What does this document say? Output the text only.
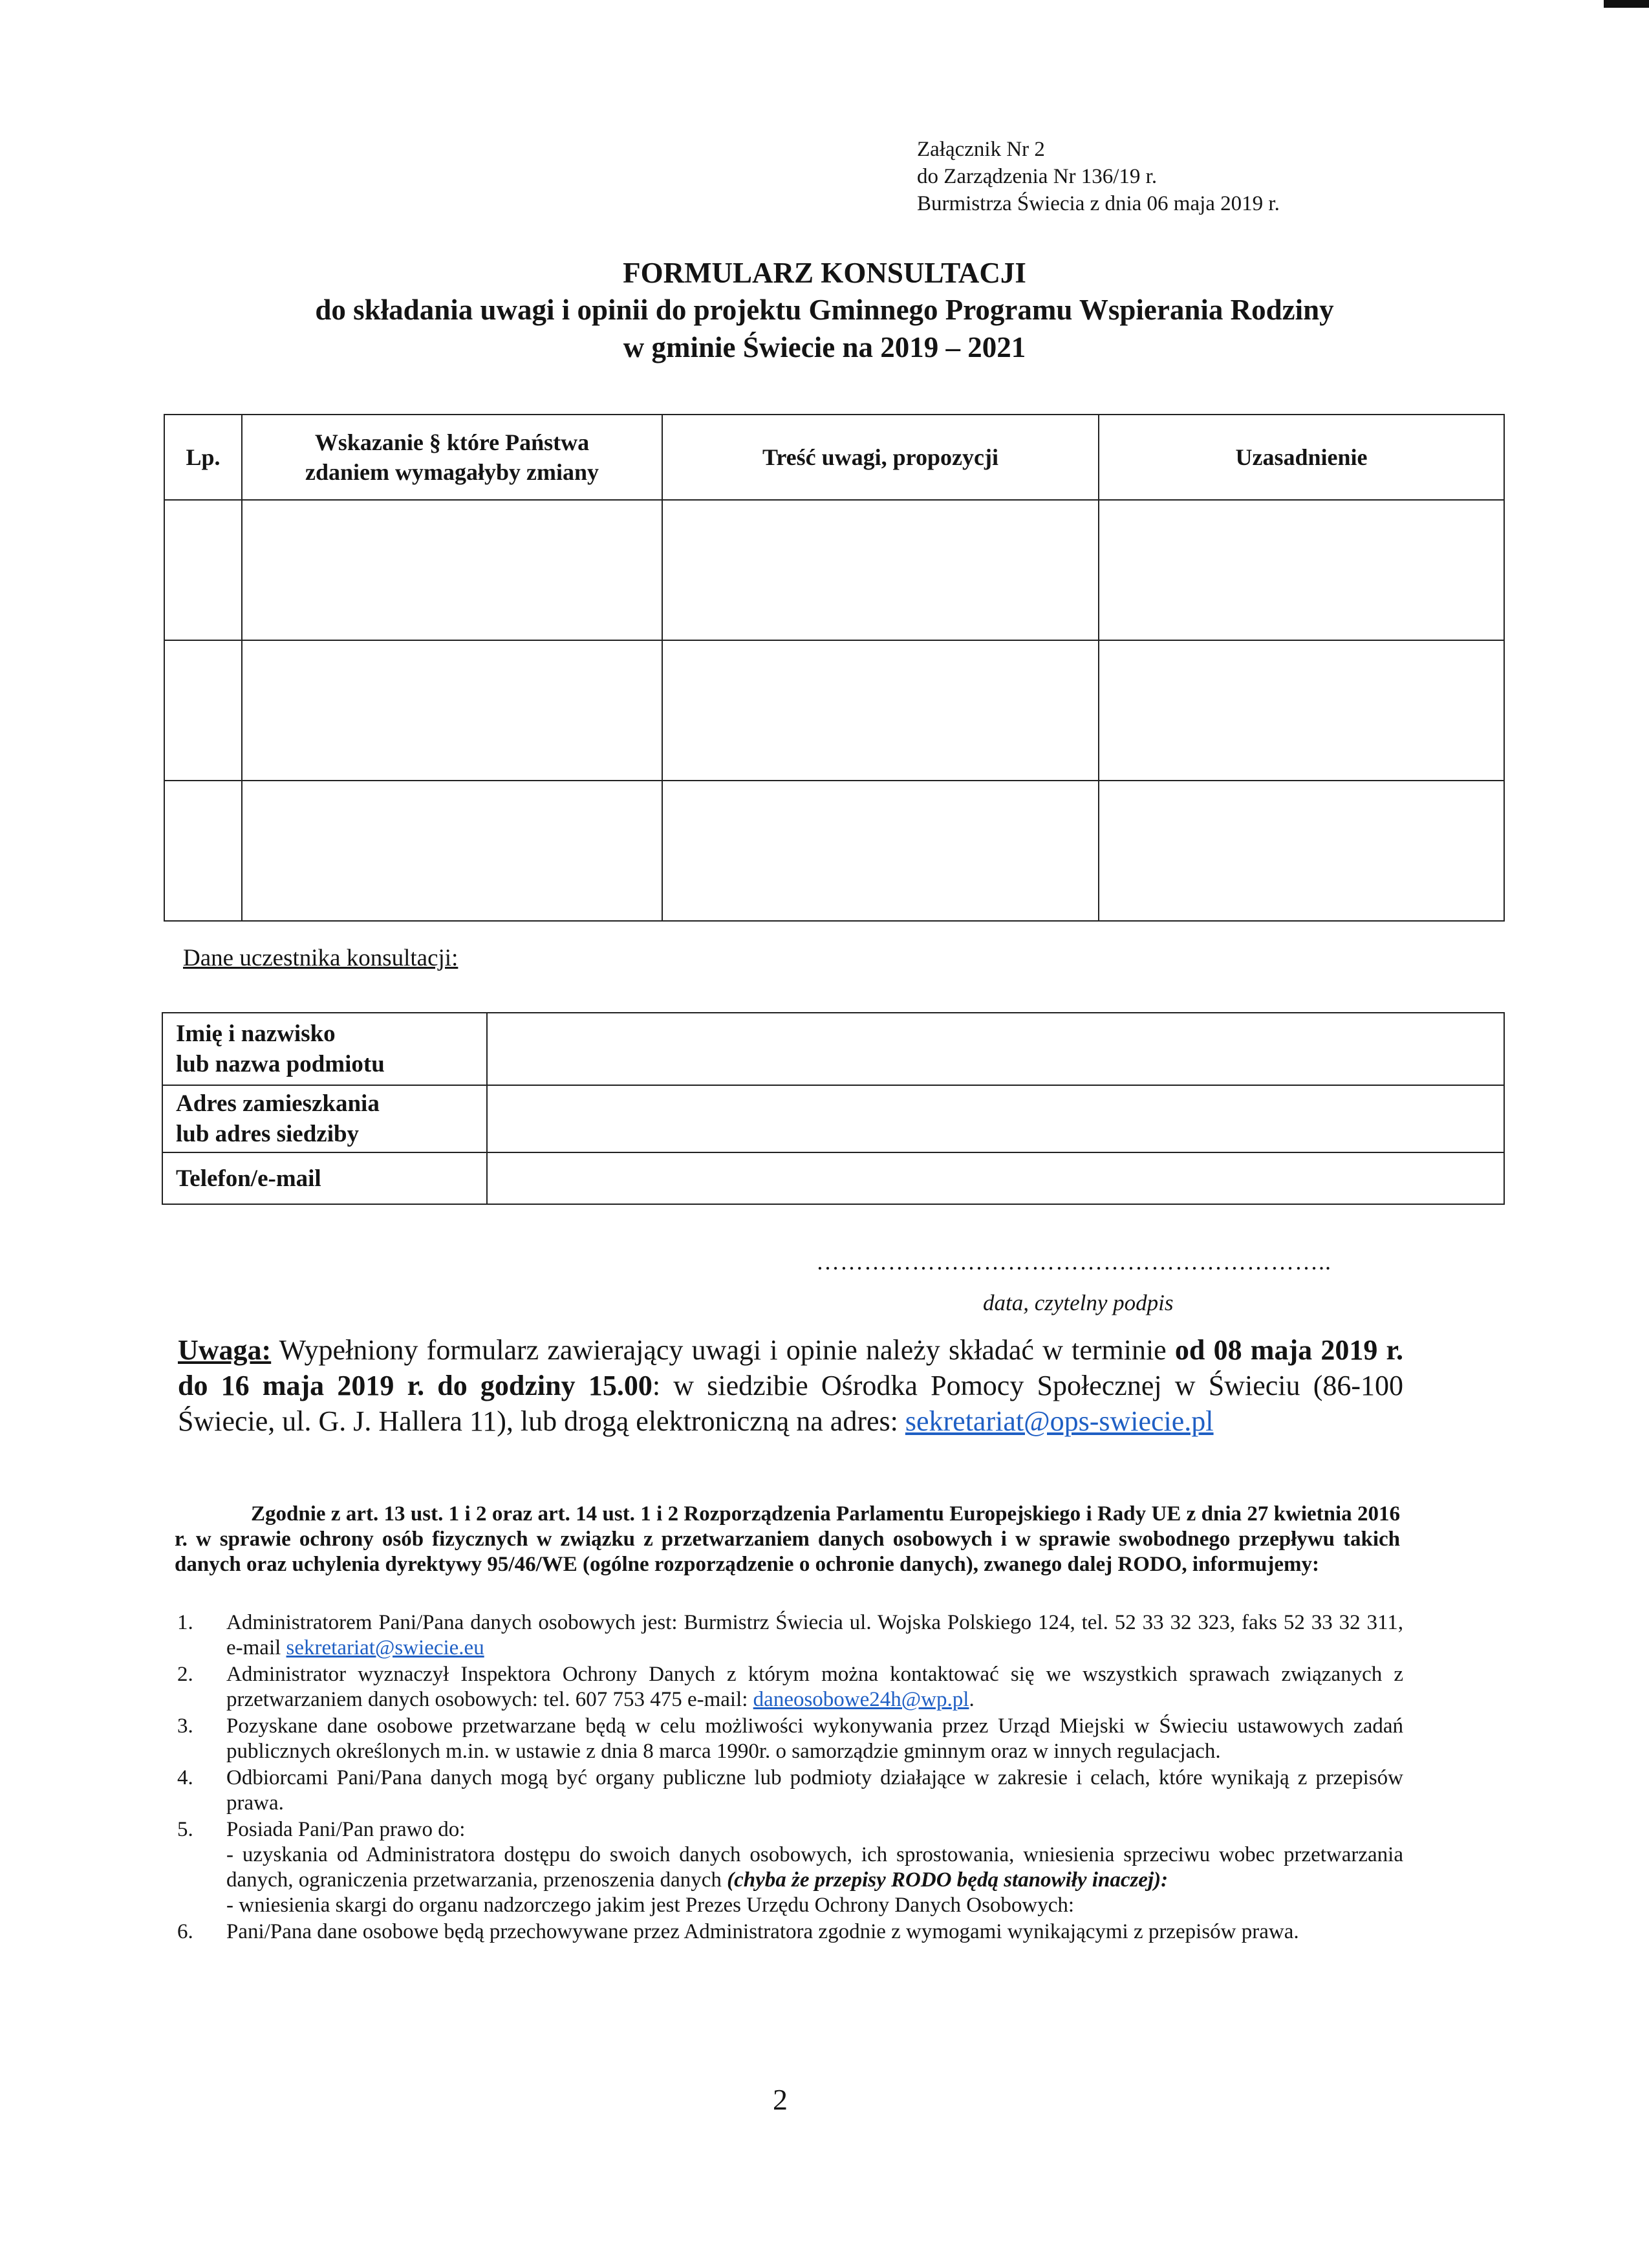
Załącznik Nr 2
do Zarządzenia Nr 136/19 r.
Burmistrza Świecia z dnia 06 maja 2019 r.
FORMULARZ KONSULTACJI
do składania uwagi i opinii do projektu Gminnego Programu Wspierania Rodziny
w gminie Świecie na 2019 – 2021
Lp.	Wskazanie § które Państwa
zdaniem wymagałyby zmiany	Treść uwagi, propozycji	Uzasadnienie

Dane uczestnika konsultacji:
Imię i nazwisko
lub nazwa podmiotu	

Adres zamieszkania
lub adres siedziby	

Telefon/e-mail	
………………………………………………………..
data, czytelny podpis
Uwaga: Wypełniony formularz zawierający uwagi i opinie należy składać w terminie od 08 maja 2019 r. do 16 maja 2019 r. do godziny 15.00: w siedzibie Ośrodka Pomocy Społecznej w Świeciu (86-100 Świecie, ul. G. J. Hallera 11), lub drogą elektroniczną na adres: sekretariat@ops-swiecie.pl
Zgodnie z art. 13 ust. 1 i 2 oraz art. 14 ust. 1 i 2 Rozporządzenia Parlamentu Europejskiego i Rady UE z dnia 27 kwietnia 2016 r. w sprawie ochrony osób fizycznych w związku z przetwarzaniem danych osobowych i w sprawie swobodnego przepływu takich danych oraz uchylenia dyrektywy 95/46/WE (ogólne rozporządzenie o ochronie danych), zwanego dalej RODO, informujemy:
1. Administratorem Pani/Pana danych osobowych jest: Burmistrz Świecia ul. Wojska Polskiego 124, tel. 52 33 32 323, faks 52 33 32 311, e-mail sekretariat@swiecie.eu
2. Administrator wyznaczył Inspektora Ochrony Danych z którym można kontaktować się we wszystkich sprawach związanych z przetwarzaniem danych osobowych: tel. 607 753 475 e-mail: daneosobowe24h@wp.pl.
3. Pozyskane dane osobowe przetwarzane będą w celu możliwości wykonywania przez Urząd Miejski w Świeciu ustawowych zadań publicznych określonych m.in. w ustawie z dnia 8 marca 1990r. o samorządzie gminnym oraz w innych regulacjach.
4. Odbiorcami Pani/Pana danych mogą być organy publiczne lub podmioty działające w zakresie i celach, które wynikają z przepisów prawa.
5. Posiada Pani/Pan prawo do:
- uzyskania od Administratora dostępu do swoich danych osobowych, ich sprostowania, wniesienia sprzeciwu wobec przetwarzania danych, ograniczenia przetwarzania, przenoszenia danych (chyba że przepisy RODO będą stanowiły inaczej):
- wniesienia skargi do organu nadzorczego jakim jest Prezes Urzędu Ochrony Danych Osobowych:
6. Pani/Pana dane osobowe będą przechowywane przez Administratora zgodnie z wymogami wynikającymi z przepisów prawa.
2
